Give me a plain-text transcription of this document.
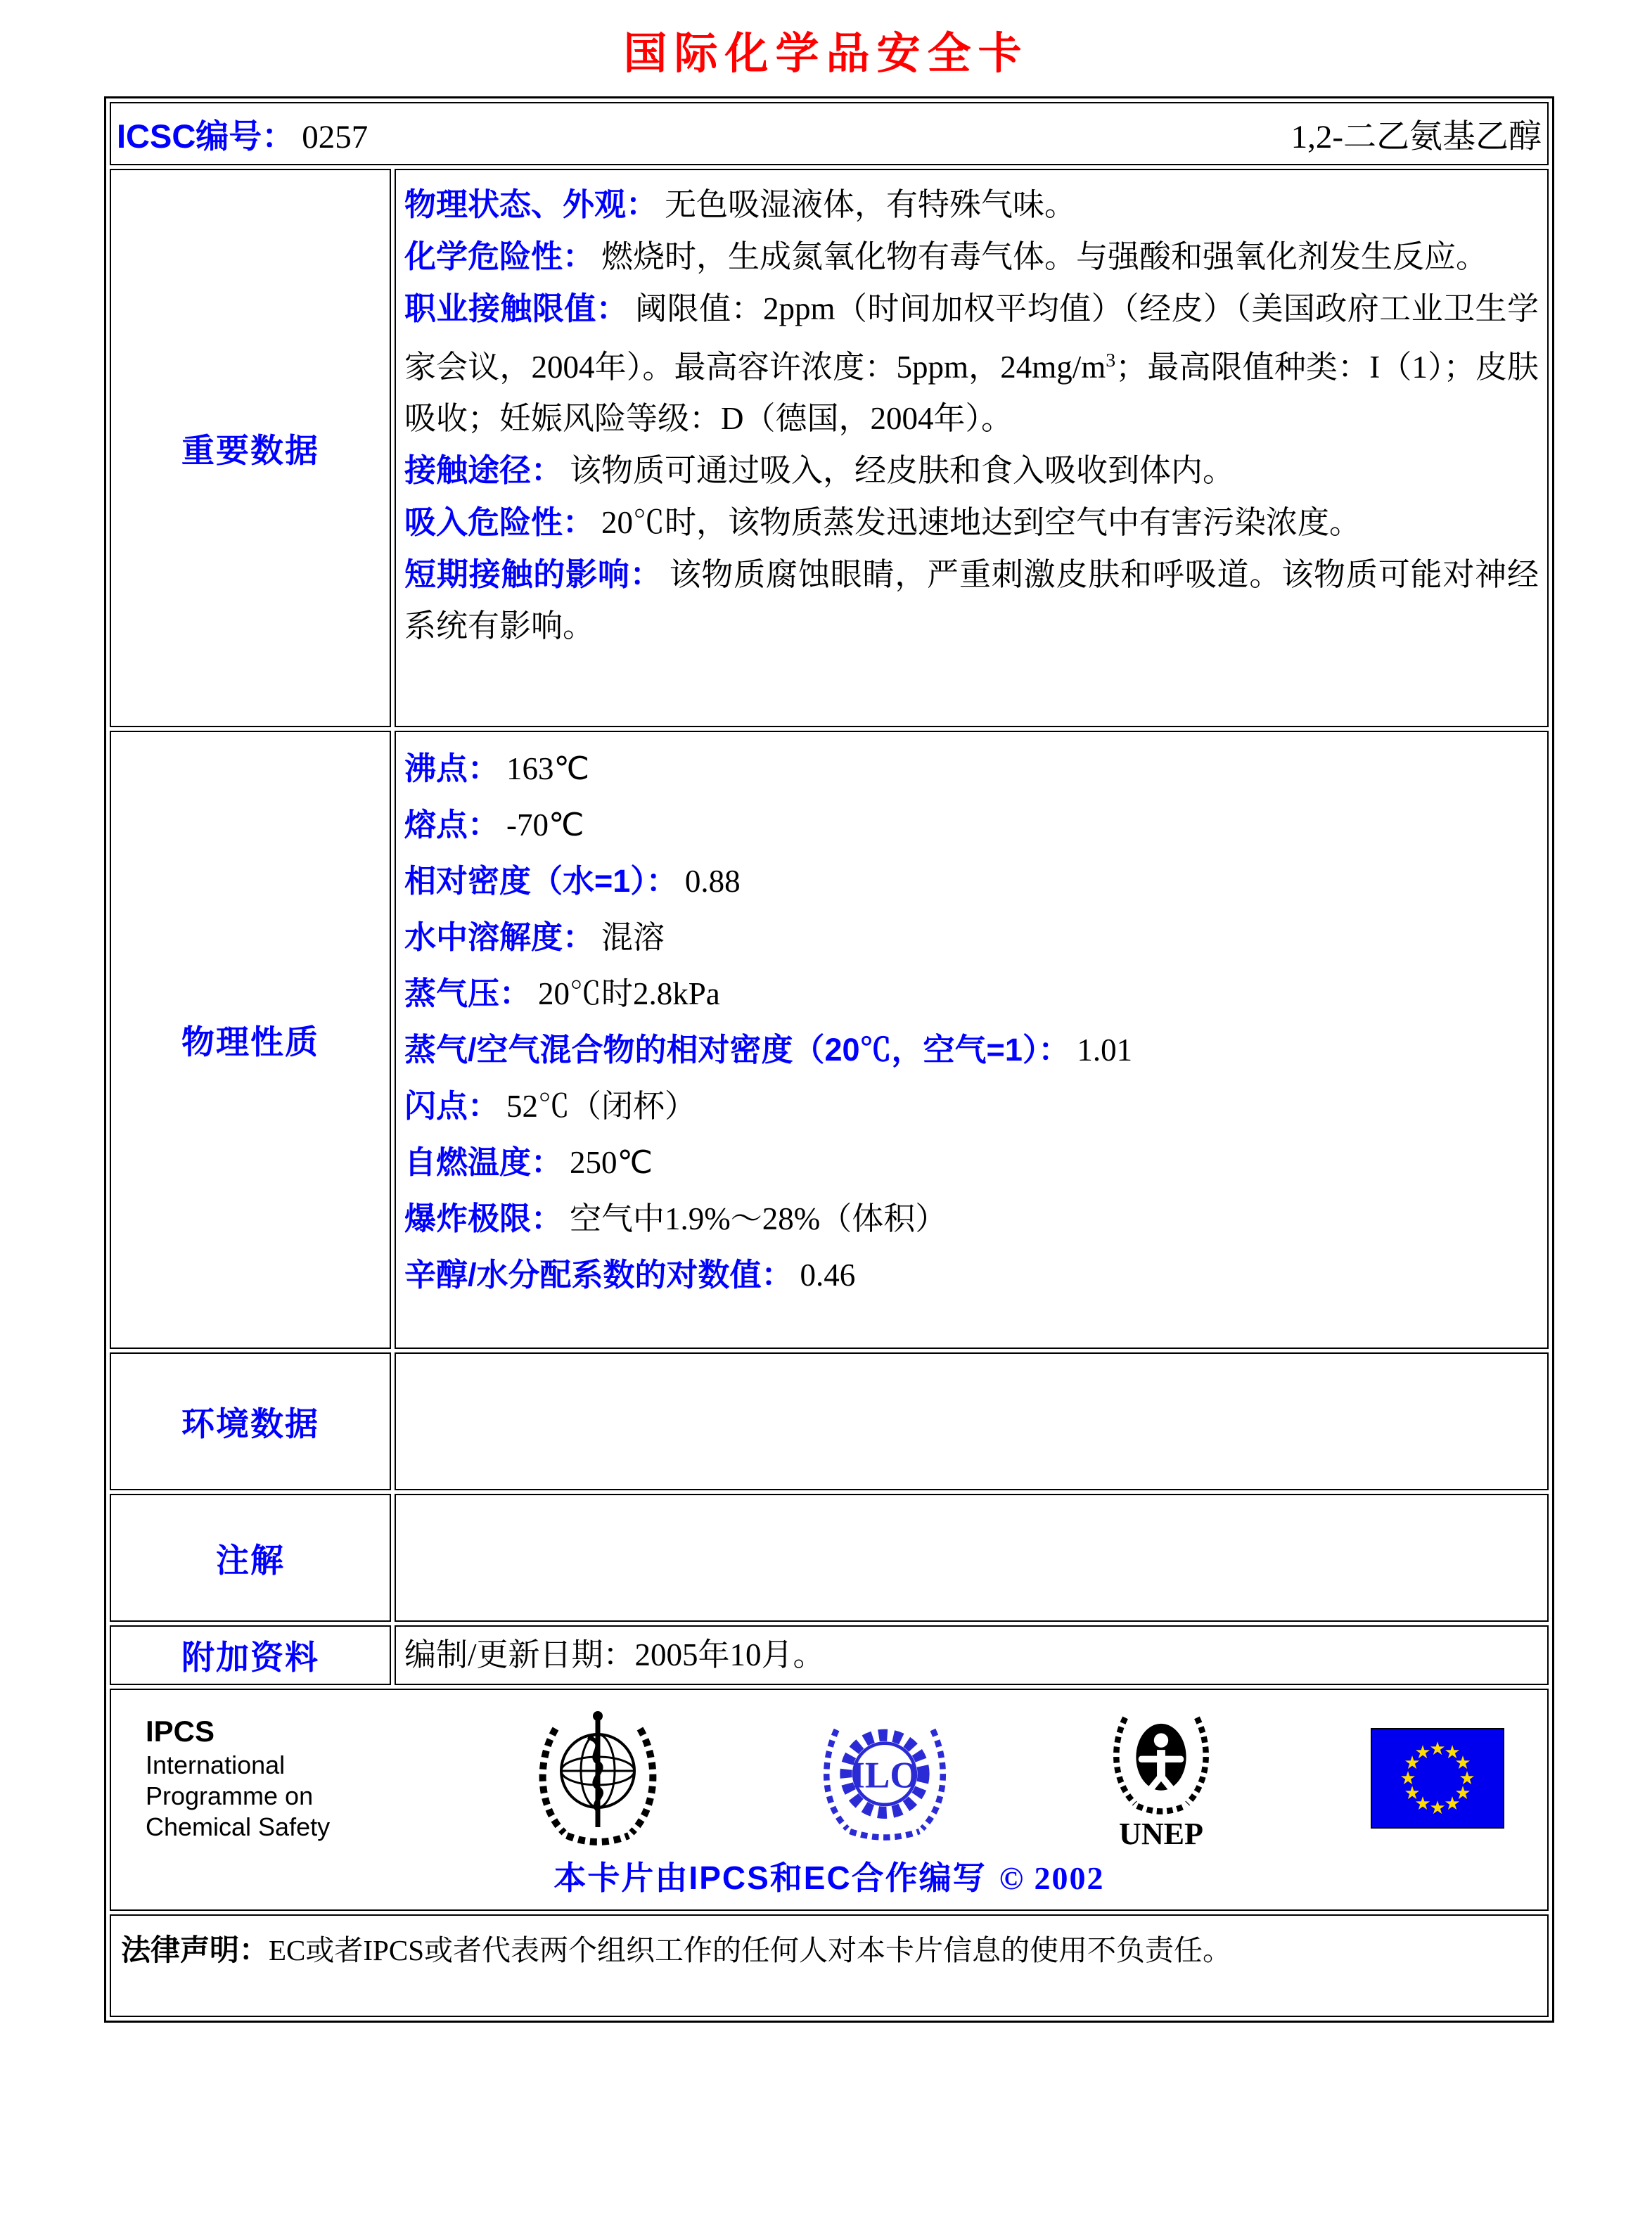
国际化学品安全卡
ICSC编号： 0257 1,2-二乙氨基乙醇	

重要数据	
物理状态、外观： 无色吸湿液体，有特殊气味。
化学危险性： 燃烧时，生成氮氧化物有毒气体。与强酸和强氧化剂发生反应。
职业接触限值： 阈限值：2ppm（时间加权平均值）（经皮）（美国政府工业卫生学家会议，2004年）。最高容许浓度：5ppm，$24mg/m^3$；最高限值种类：I（1）；皮肤吸收；妊娠风险等级：D（德国，2004年）。
接触途径： 该物质可通过吸入，经皮肤和食入吸收到体内。
吸入危险性： 20℃时，该物质蒸发迅速地达到空气中有害污染浓度。
短期接触的影响： 该物质腐蚀眼睛，严重刺激皮肤和呼吸道。该物质可能对神经系统有影响。

物理性质	
沸点： 163℃
熔点： -70℃
相对密度（水=1）： 0.88
水中溶解度： 混溶
蒸气压： 20℃时2.8kPa
蒸气/空气混合物的相对密度（20℃，空气=1）： 1.01
闪点： 52℃（闭杯）
自燃温度： 250℃
爆炸极限： 空气中1.9%～28%（体积）
辛醇/水分配系数的对数值： 0.46

环境数据	
注解	
附加资料	编制/更新日期：2005年10月。

IPCS
International
Programme on
Chemical Safety
ILO
UNEP
★
★
★
★
★
★
★
★
★
★
★
★
本卡片由IPCS和EC合作编写 © 2002

法律声明：EC或者IPCS或者代表两个组织工作的任何人对本卡片信息的使用不负责任。	
